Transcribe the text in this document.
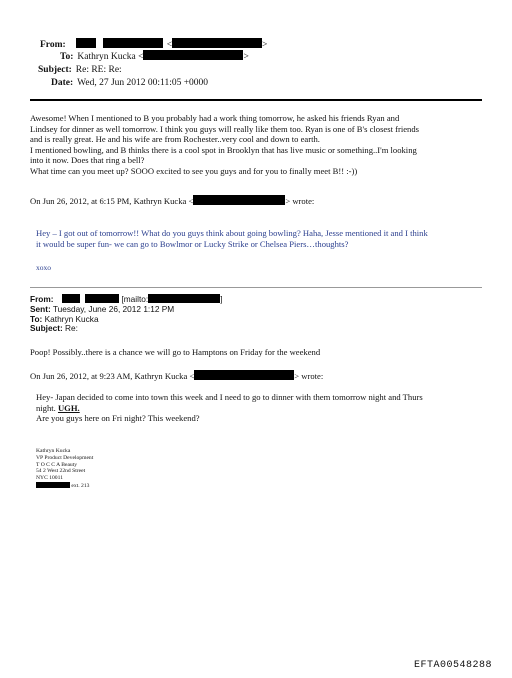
From:	<	>
To: Kathryn Kucka <	>
Subject: Re: RE: Re:
Date: Wed, 27 Jun 2012 00:11:05 +0000
Awesome! When I mentioned to B you probably had a work thing tomorrow, he asked his friends Ryan and
Lindsey for dinner as well tomorrow. I think you guys will really like them too. Ryan is one of B's closest friends
and is really great. He and his wife are from Rochester..very cool and down to earth.
I mentioned bowling, and B thinks there is a cool spot in Brooklyn that has live music or something..I'm looking
into it now. Does that ring a bell?
What time can you meet up? SOOO excited to see you guys and for you to finally meet B!! :-))
On Jun 26, 2012, at 6:15 PM, Kathryn Kucka <	> wrote:
Hey – I got out of tomorrow!! What do you guys think about going bowling? Haha, Jesse mentioned it and I think
it would be super fun- we can go to Bowlmor or Lucky Strike or Chelsea Piers…thoughts?
xoxo
From:	[mailto:	]
Sent: Tuesday, June 26, 2012 1:12 PM
To: Kathryn Kucka
Subject: Re:
Poop! Possibly..there is a chance we will go to Hamptons on Friday for the weekend
On Jun 26, 2012, at 9:23 AM, Kathryn Kucka <	> wrote:
Hey- Japan decided to come into town this week and I need to go to dinner with them tomorrow night and Thurs
night. UGH.
Are you guys here on Fri night? This weekend?
Kathryn Kucka
VP Product Development
T O C C A Beauty
54 2 West 22nd Street
NYC 10011
ext. 213
EFTA00548288
